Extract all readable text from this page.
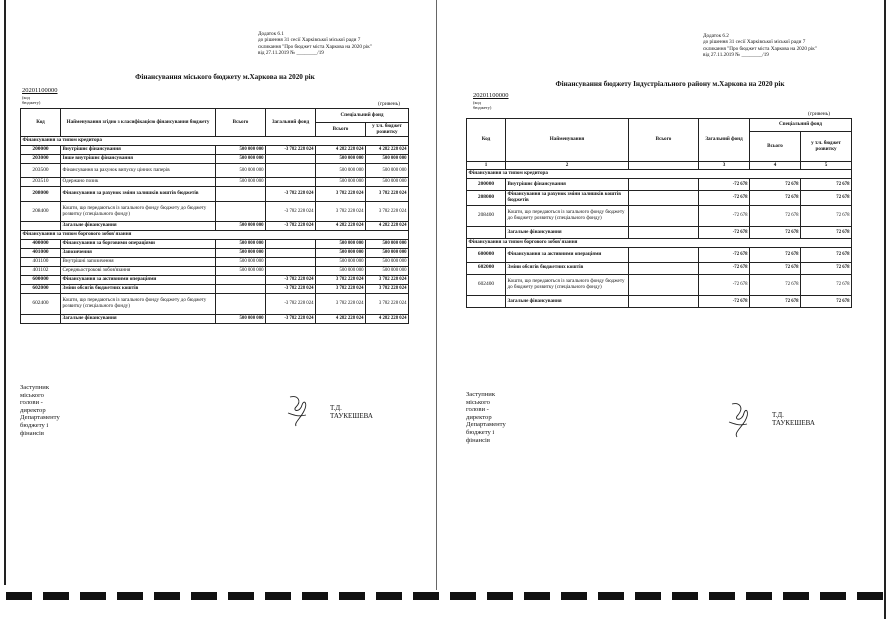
Додаток 6.1
до рішення 31 сесії Харківської міської ради 7
скликання "Про бюджет міста Харкова на 2020 рік"
від 27.11.2019 № ________/19
Фінансування міського бюджету м.Харкова на 2020 рік
20201100000
(код бюджету)	(гривень)
Код	Найменування згідно з класифікацією фінансування бюджету	Всього	Загальний фонд	Спеціальний фонд	
				Всього	у т.ч. бюджет розвитку
Фінансування за типом кредитора					
200000	Внутрішнє фінансування	500 000 000	-3 782 228 024	4 282 228 024	4 282 228 024
203000	Інше внутрішнє фінансування	500 000 000		500 000 000	500 000 000
203500	Фінансування за рахунок випуску цінних паперів	500 000 000		500 000 000	500 000 000
203510	Одержано позик	500 000 000		500 000 000	500 000 000
208000	Фінансування за рахунок зміни залишків коштів бюджетів		-3 782 228 024	3 782 228 024	3 782 228 024
208400	Кошти, що передаються із загального фонду бюджету до бюджету розвитку (спеціального фонду)		-3 782 228 024	3 782 228 024	3 782 228 024
	Загальне фінансування	500 000 000	-3 782 228 024	4 282 228 024	4 282 228 024
Фінансування за типом боргового зобов'язання					
400000	Фінансування за борговими операціями	500 000 000		500 000 000	500 000 000
401000	Запозичення	500 000 000		500 000 000	500 000 000
401100	Внутрішні запозичення	500 000 000		500 000 000	500 000 000
401102	Середньострокові зобов'язання	500 000 000		500 000 000	500 000 000
600000	Фінансування за активними операціями		-3 782 228 024	3 782 228 024	3 782 228 024
602000	Зміни обсягів бюджетних коштів		-3 782 228 024	3 782 228 024	3 782 228 024
602400	Кошти, що передаються із загального фонду бюджету до бюджету розвитку (спеціального фонду)		-3 782 228 024	3 782 228 024	3 782 228 024
	Загальне фінансування	500 000 000	-3 782 228 024	4 282 228 024	4 282 228 024
Заступник міського голови -
директор Департаменту
бюджету і фінансів
Т.Д. ТАУКЕШЕВА
Додаток 6.2
до рішення 31 сесії Харківської міської ради 7
скликання "Про бюджет міста Харкова на 2020 рік"
від 27.11.2019 № ________/19
Фінансування бюджету Індустріального району м.Харкова на 2020 рік
20201100000
(код бюджету)
(гривень)
Код	Найменування	Всього	Загальний фонд	Спеціальний фонд	
				Всього	у т.ч. бюджет розвитку
1	2		3	4	5
Фінансування за типом кредитора					
200000	Внутрішнє фінансування		-72 678	72 678	72 678
208000	Фінансування за рахунок зміни залишків коштів бюджетів		-72 678	72 678	72 678
208400	Кошти, що передаються із загального фонду бюджету до бюджету розвитку (спеціального фонду)		-72 678	72 678	72 678
	Загальне фінансування		-72 678	72 678	72 678
Фінансування за типом боргового зобов'язання					
600000	Фінансування за активними операціями		-72 678	72 678	72 678
602000	Зміни обсягів бюджетних коштів		-72 678	72 678	72 678
602400	Кошти, що передаються із загального фонду бюджету до бюджету розвитку (спеціального фонду)		-72 678	72 678	72 678
	Загальне фінансування		-72 678	72 678	72 678
Заступник міського голови -
директор Департаменту
бюджету і фінансів
Т.Д. ТАУКЕШЕВА
